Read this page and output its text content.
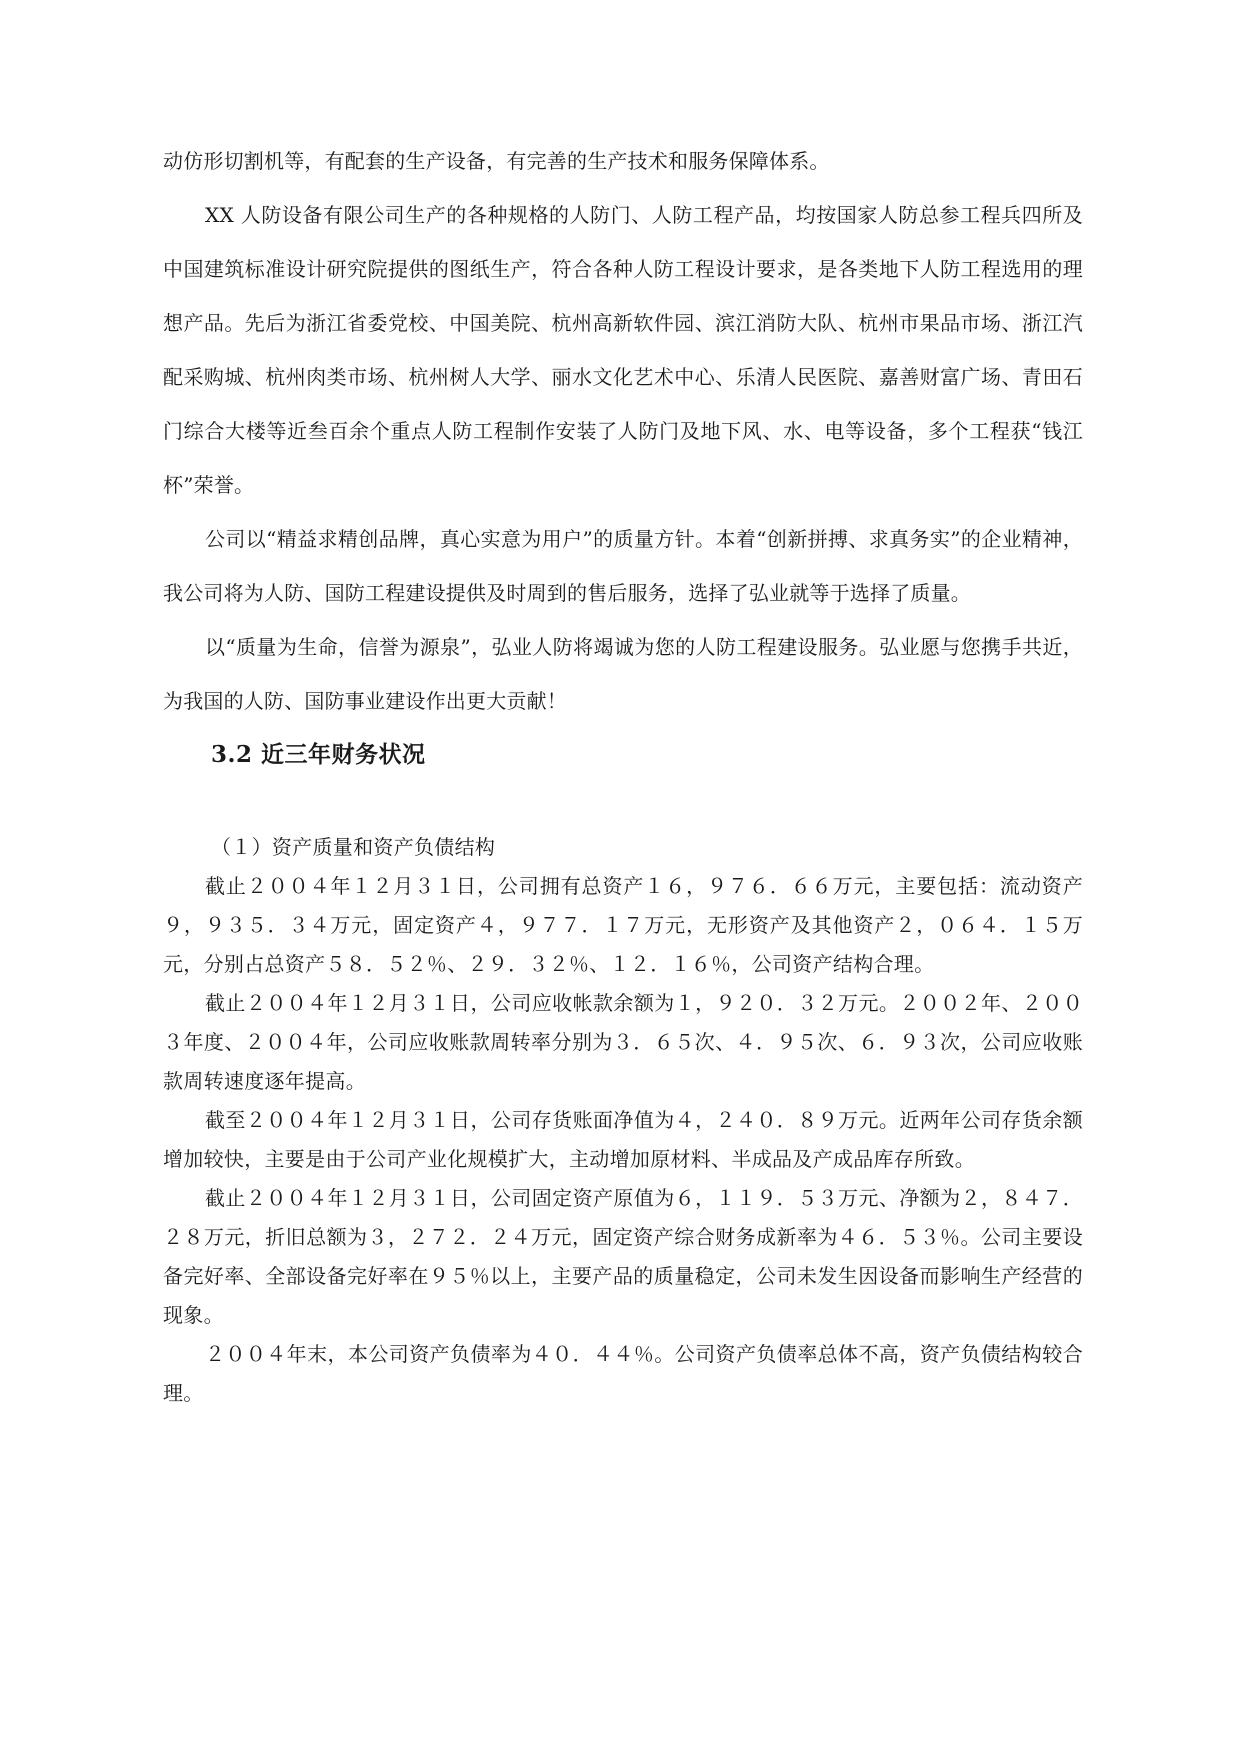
动仿形切割机等，有配套的生产设备，有完善的生产技术和服务保障体系。

XX 人防设备有限公司生产的各种规格的人防门、人防工程产品，均按国家人防总参工程兵四所及中国建筑标准设计研究院提供的图纸生产，符合各种人防工程设计要求，是各类地下人防工程选用的理想产品。先后为浙江省委党校、中国美院、杭州高新软件园、滨江消防大队、杭州市果品市场、浙江汽配采购城、杭州肉类市场、杭州树人大学、丽水文化艺术中心、乐清人民医院、嘉善财富广场、青田石门综合大楼等近叁百余个重点人防工程制作安装了人防门及地下风、水、电等设备，多个工程获“钱江杯”荣誉。

公司以“精益求精创品牌，真心实意为用户”的质量方针。本着“创新拼搏、求真务实”的企业精神，我公司将为人防、国防工程建设提供及时周到的售后服务，选择了弘业就等于选择了质量。

以“质量为生命，信誉为源泉”，弘业人防将竭诚为您的人防工程建设服务。弘业愿与您携手共近，为我国的人防、国防事业建设作出更大贡献！

3.2 近三年财务状况

（１）资产质量和资产负债结构

截止２００４年１２月３１日，公司拥有总资产１６，９７６．６６万元，主要包括：流动资产９，９３５．３４万元，固定资产４，９７７．１７万元，无形资产及其他资产２，０６４．１５万元，分别占总资产５８．５２％、２９．３２％、１２．１６％，公司资产结构合理。

截止２００４年１２月３１日，公司应收帐款余额为１，９２０．３２万元。２００２年、２００３年度、２００４年，公司应收账款周转率分别为３．６５次、４．９５次、６．９３次，公司应收账款周转速度逐年提高。

截至２００４年１２月３１日，公司存货账面净值为４，２４０．８９万元。近两年公司存货余额增加较快，主要是由于公司产业化规模扩大，主动增加原材料、半成品及产成品库存所致。

截止２００４年１２月３１日，公司固定资产原值为６，１１９．５３万元、净额为２，８４７．２８万元，折旧总额为３，２７２．２４万元，固定资产综合财务成新率为４６．５３％。公司主要设备完好率、全部设备完好率在９５％以上，主要产品的质量稳定，公司未发生因设备而影响生产经营的现象。

２００４年末，本公司资产负债率为４０．４４％。公司资产负债率总体不高，资产负债结构较合理。
